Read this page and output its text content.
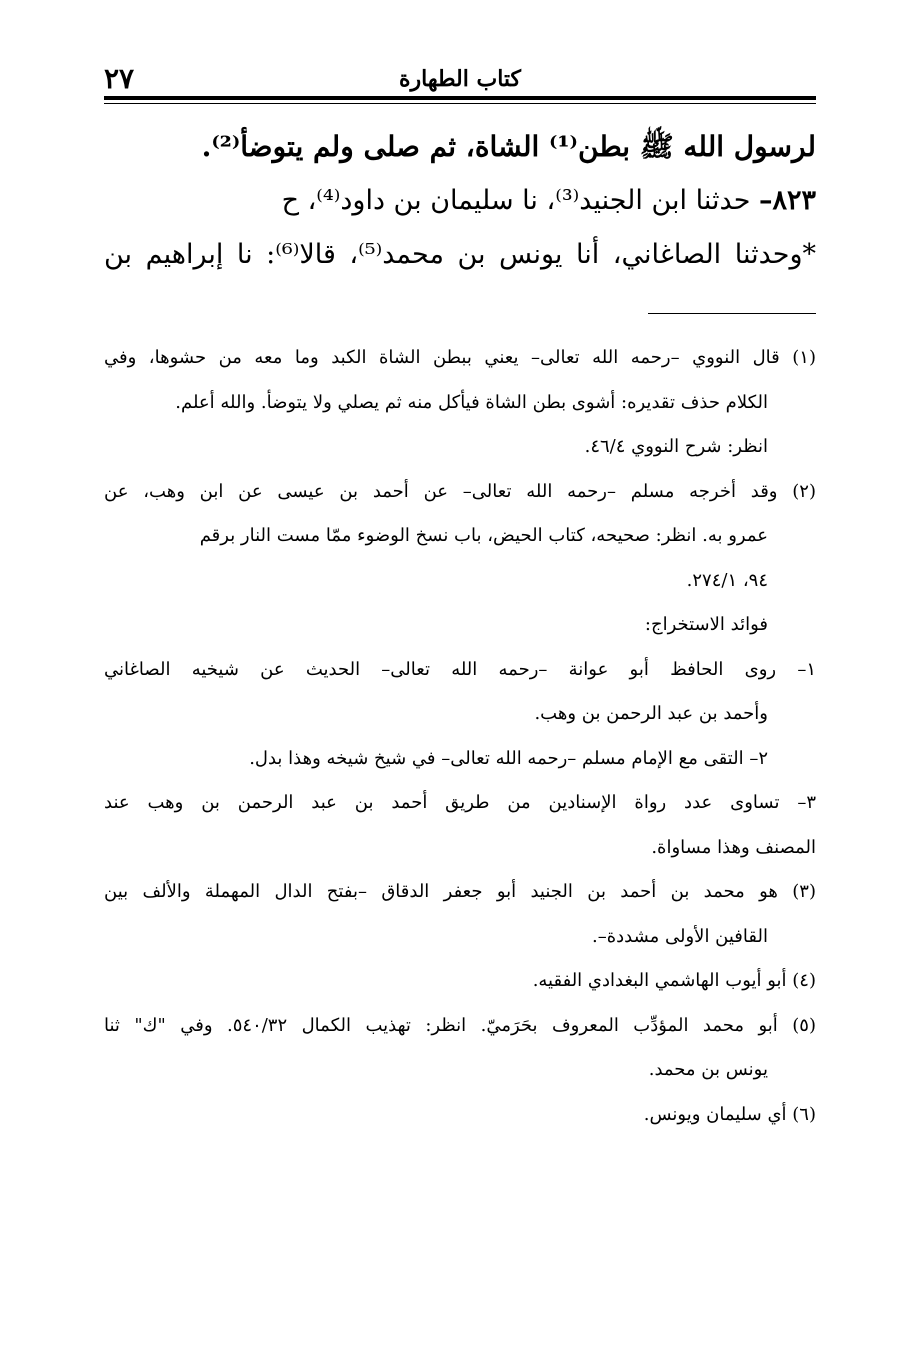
٢٧	كتاب الطهارة
لرسول الله ﷺ بطن⁽¹⁾ الشاة، ثم صلى ولم يتوضأ⁽²⁾.
٨٢٣– حدثنا ابن الجنيد⁽³⁾، نا سليمان بن داود⁽⁴⁾، ح
*وحدثنا الصاغاني، أنا يونس بن محمد⁽⁵⁾، قالا⁽⁶⁾: نا إبراهيم بن
(١) قال النووي –رحمه الله تعالى– يعني ببطن الشاة الكبد وما معه من حشوها، وفي
الكلام حذف تقديره: أشوى بطن الشاة فيأكل منه ثم يصلي ولا يتوضأ. والله أعلم.
انظر: شرح النووي ٤٦/٤.
(٢) وقد أخرجه مسلم –رحمه الله تعالى– عن أحمد بن عيسى عن ابن وهب، عن
عمرو به. انظر: صحيحه، كتاب الحيض، باب نسخ الوضوء ممّا مست النار برقم
٩٤، ٢٧٤/١.
فوائد الاستخراج:
١– روى الحافظ أبو عوانة –رحمه الله تعالى– الحديث عن شيخيه الصاغاني
وأحمد بن عبد الرحمن بن وهب.
٢– التقى مع الإمام مسلم –رحمه الله تعالى– في شيخ شيخه وهذا بدل.
٣– تساوى عدد رواة الإسنادين من طريق أحمد بن عبد الرحمن بن وهب عند
المصنف وهذا مساواة.
(٣) هو محمد بن أحمد بن الجنيد أبو جعفر الدقاق –بفتح الدال المهملة والألف بين
القافين الأولى مشددة–.
(٤) أبو أيوب الهاشمي البغدادي الفقيه.
(٥) أبو محمد المؤدِّب المعروف بحَرَميّ. انظر: تهذيب الكمال ٥٤٠/٣٢. وفي "ك" ثنا
يونس بن محمد.
(٦) أي سليمان ويونس.
